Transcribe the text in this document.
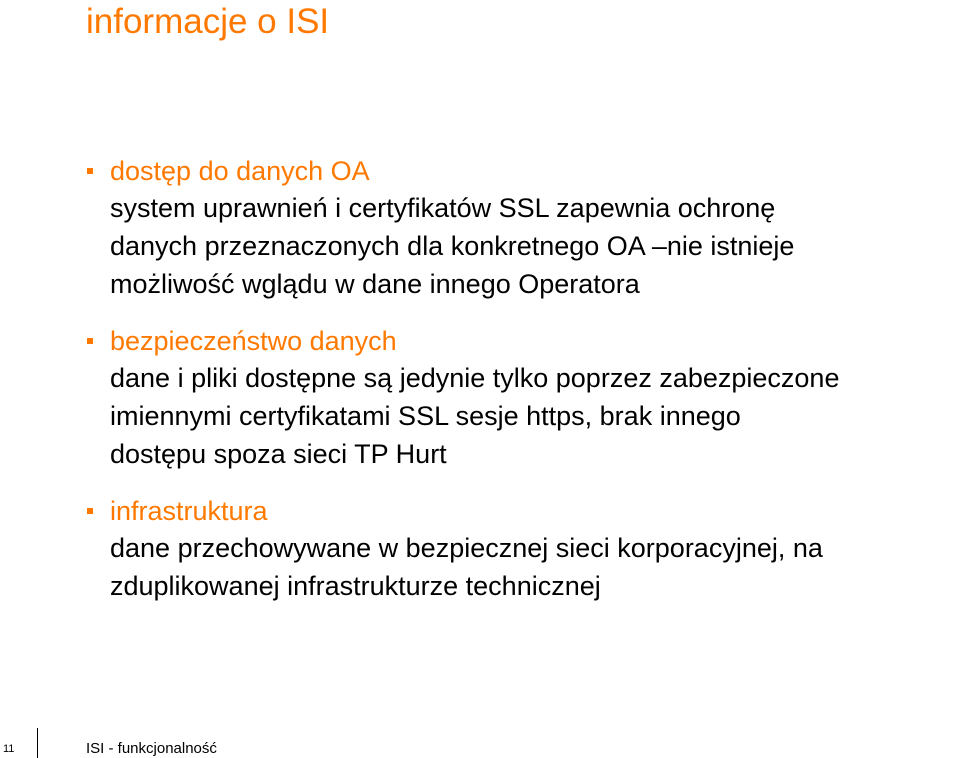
informacje o ISI
dostęp do danych OA

system uprawnień i certyfikatów SSL zapewnia ochronę
danych przeznaczonych dla konkretnego OA –nie istnieje
możliwość wglądu w dane innego Operatora

bezpieczeństwo danych

dane i pliki dostępne są jedynie tylko poprzez zabezpieczone
imiennymi certyfikatami SSL sesje https, brak innego
dostępu spoza sieci TP Hurt

infrastruktura

dane przechowywane w bezpiecznej sieci korporacyjnej, na
zduplikowanej infrastrukturze technicznej

11	ISI - funkcjonalność
